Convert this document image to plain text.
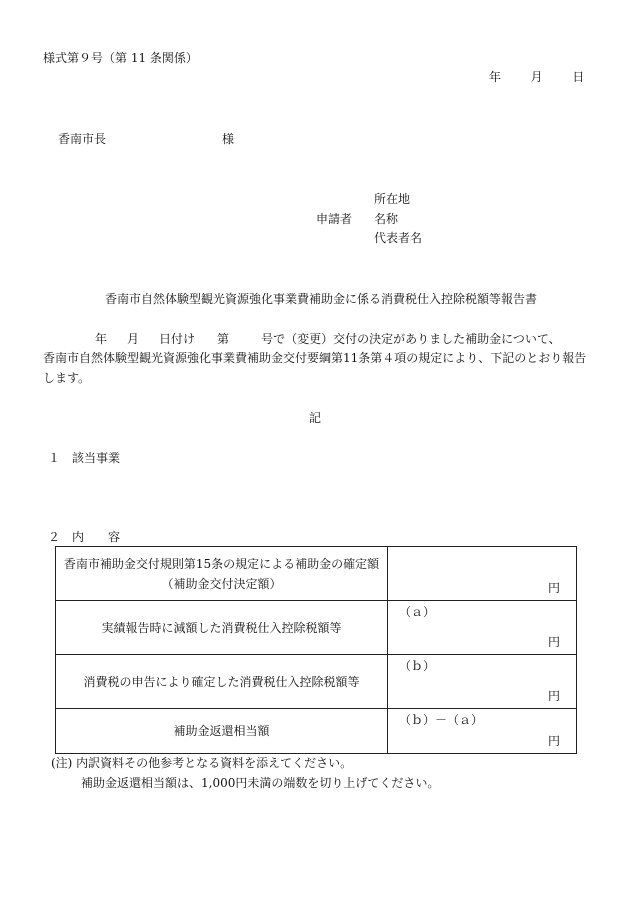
様式第９号（第 11 条関係）
年 月 日
香南市長	様
所在地
申請者 名称
代表者名
香南市自然体験型観光資源強化事業費補助金に係る消費税仕入控除税額等報告書
年 月 日付け 第	号で（変更）交付の決定がありました補助金について、
香南市自然体験型観光資源強化事業費補助金交付要綱第11条第４項の規定により、下記のとおり報告
します。
記
１ 該当事業
２ 内　　容
香南市補助金交付規則第15条の規定による補助金の確定額
（補助金交付決定額）	円

実績報告時に減額した消費税仕入控除税額等	（ａ）
円

消費税の申告により確定した消費税仕入控除税額等	（ｂ）
円

補助金返還相当額	（ｂ）－（ａ）
円
(注) 内訳資料その他参考となる資料を添えてください。
補助金返還相当額は、1,000円未満の端数を切り上げてください。
